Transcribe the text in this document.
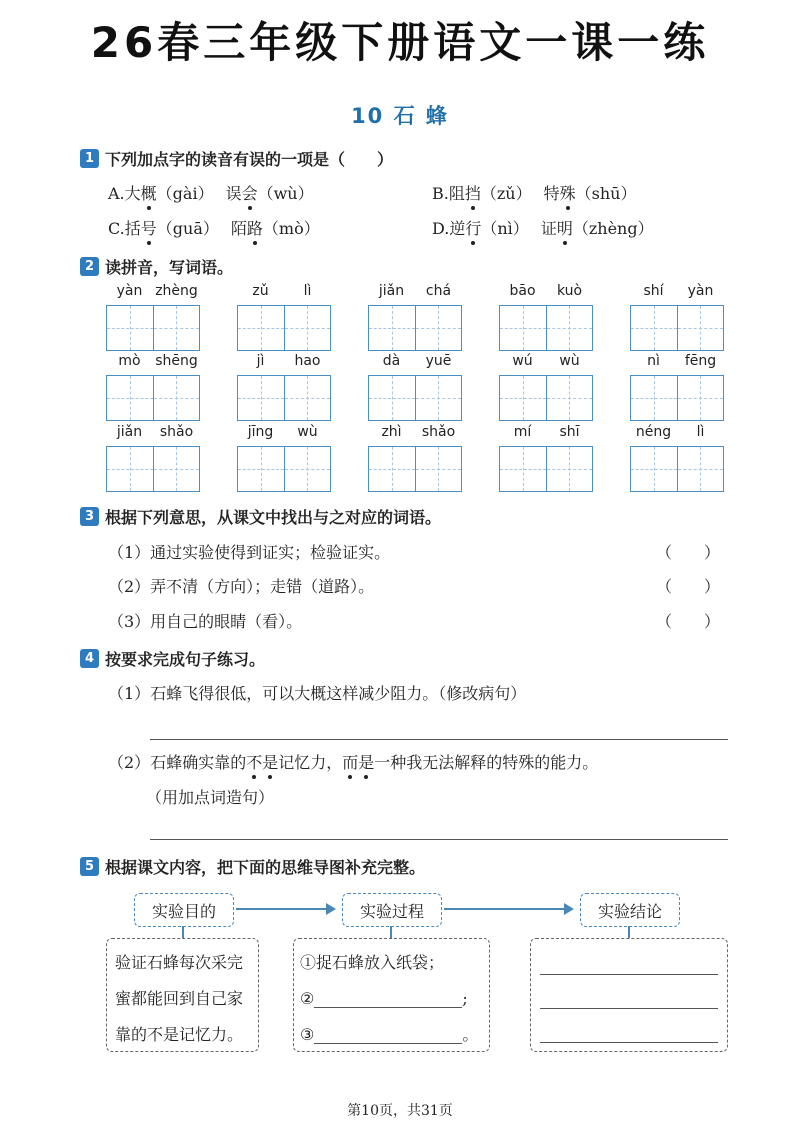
26春三年级下册语文一课一练
10 石 蜂
1 下列加点字的读音有误的一项是（　　）
A.大概（gài） 误会（wù）	B.阻挡（zǔ） 特殊（shū）
C.括号（guā） 陌路（mò）	D.逆行（nì） 证明（zhèng）
2 读拼音，写词语。
yàn zhèng	zǔ	lì	jiǎn	chá	bāo	kuò	shí	yàn
mò	shēng	jì	hao	dà	yuē	wú	wù	nì	fēng
jiǎn	shǎo	jīng	wù	zhì	shǎo	mí	shī	néng	lì
3 根据下列意思，从课文中找出与之对应的词语。
（1）通过实验使得到证实；检验证实。	（　　）
（2）弄不清（方向）；走错（道路）。	（　　）
（3）用自己的眼睛（看）。	（　　）
4 按要求完成句子练习。
（1）石蜂飞得很低，可以大概这样减少阻力。（修改病句）
（2）石蜂确实靠的不是记忆力，而是一种我无法解释的特殊的能力。
（用加点词造句）
5 根据课文内容，把下面的思维导图补充完整。
实验目的	实验过程	实验结论
验证石蜂每次采完
蜜都能回到自己家
靠的不是记忆力。
①捉石蜂放入纸袋；
②	;
③	。
第10页，共31页
